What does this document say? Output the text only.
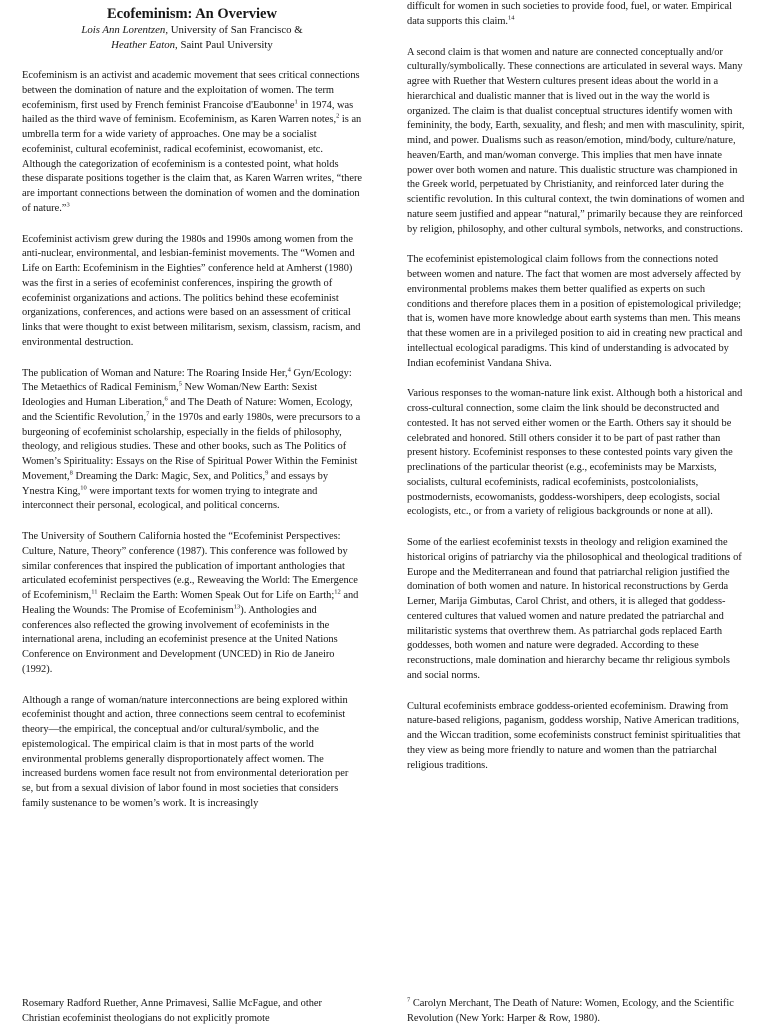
Ecofeminism: An Overview
Lois Ann Lorentzen, University of San Francisco &
Heather Eaton, Saint Paul University

Ecofeminism is an activist and academic movement that sees critical connections between the domination of nature and the exploitation of women. The term ecofeminism, first used by French feminist Francoise d'Eaubonne$^1$ in 1974, was hailed as the third wave of feminism. Ecofeminism, as Karen Warren notes,$^2$ is an umbrella term for a wide variety of approaches. One may be a socialist ecofeminist, cultural ecofeminist, radical ecofeminist, ecowomanist, etc. Although the categorization of ecofeminism is a contested point, what holds these disparate positions together is the claim that, as Karen Warren writes, “there are important connections between the domination of women and the domination of nature.”$^3$

Ecofeminist activism grew during the 1980s and 1990s among women from the anti-nuclear, environmental, and lesbian-feminist movements. The “Women and Life on Earth: Ecofeminism in the Eighties” conference held at Amherst (1980) was the first in a series of ecofeminist conferences, inspiring the growth of ecofeminist organizations and actions. The politics behind these ecofeminist organizations, conferences, and actions were based on an assessment of critical links that were thought to exist between militarism, sexism, classism, racism, and environmental destruction.

The publication of Woman and Nature: The Roaring Inside Her,$^4$ Gyn/Ecology: The Metaethics of Radical Feminism,$^5$ New Woman/New Earth: Sexist Ideologies and Human Liberation,$^6$ and The Death of Nature: Women, Ecology, and the Scientific Revolution,$^7$ in the 1970s and early 1980s, were precursors to a burgeoning of ecofeminist scholarship, especially in the fields of philosophy, theology, and religious studies. These and other books, such as The Politics of Women’s Spirituality: Essays on the Rise of Spiritual Power Within the Feminist Movement,$^8$ Dreaming the Dark: Magic, Sex, and Politics,$^9$ and essays by Ynestra King,$^{10}$ were important texts for women trying to integrate and interconnect their personal, ecological, and political concerns.

The University of Southern California hosted the “Ecofeminist Perspectives: Culture, Nature, Theory” conference (1987). This conference was followed by similar conferences that inspired the publication of important anthologies that articulated ecofeminist perspectives (e.g., Reweaving the World: The Emergence of Ecofeminism,$^{11}$ Reclaim the Earth: Women Speak Out for Life on Earth;$^{12}$ and Healing the Wounds: The Promise of Ecofeminism$^{13}$). Anthologies and conferences also reflected the growing involvement of ecofeminists in the international arena, including an ecofeminist presence at the United Nations Conference on Environment and Development (UNCED) in Rio de Janeiro (1992).

Although a range of woman/nature interconnections are being explored within ecofeminist thought and action, three connections seem central to ecofeminist theory—the empirical, the conceptual and/or cultural/symbolic, and the epistemological. The empirical claim is that in most parts of the world environmental problems generally disproportionately affect women. The increased burdens women face result not from environmental deterioration per se, but from a sexual division of labor found in most societies that considers family sustenance to be women’s work. It is increasingly

difficult for women in such societies to provide food, fuel, or water. Empirical data supports this claim.$^{14}$

A second claim is that women and nature are connected conceptually and/or culturally/symbolically. These connections are articulated in several ways. Many agree with Ruether that Western cultures present ideas about the world in a hierarchical and dualistic manner that is lived out in the way the world is organized. The claim is that dualist conceptual structures identify women with femininity, the body, Earth, sexuality, and flesh; and men with masculinity, spirit, mind, and power. Dualisms such as reason/emotion, mind/body, culture/nature, heaven/Earth, and man/woman converge. This implies that men have innate power over both women and nature. This dualistic structure was championed in the Greek world, perpetuated by Christianity, and reinforced later during the scientific revolution. In this cultural context, the twin dominations of women and nature seem justified and appear “natural,” primarily because they are reinforced by religion, philosophy, and other cultural symbols, networks, and constructions.

The ecofeminist epistemological claim follows from the connections noted between women and nature. The fact that women are most adversely affected by environmental problems makes them better qualified as experts on such conditions and therefore places them in a position of epistemological priviledge; that is, women have more knowledge about earth systems than men. This means that these women are in a privileged position to aid in creating new practical and intellectual ecological paradigms. This kind of understanding is advocated by Indian ecofeminist Vandana Shiva.

Various responses to the woman-nature link exist. Although both a historical and cross-cultural connection, some claim the link should be deconstructed and contested. It has not served either women or the Earth. Others say it should be celebrated and honored. Still others consider it to be part of past rather than present history. Ecofeminist responses to these contested points vary given the preclinations of the particular theorist (e.g., ecofeminists may be Marxists, socialists, cultural ecofeminists, radical ecofeminists, postcolonialists, postmodernists, ecowomanists, goddess-worshipers, deep ecologists, social ecologists, etc., or from a variety of religious backgrounds or none at all).

Some of the earliest ecofeminist texsts in theology and religion examined the historical origins of patriarchy via the philosophical and theological traditions of Europe and the Mediterranean and found that patriarchal religion justified the domination of both women and nature. In historical reconstructions by Gerda Lerner, Marija Gimbutas, Carol Christ, and others, it is alleged that goddess-centered cultures that valued women and nature predated the patriarchal and militaristic systems that overthrew them. As patriarchal gods replaced Earth goddesses, both women and nature were degraded. According to these reconstructions, male domination and hierarchy became thr religious symbols and social norms.

Cultural ecofeminists embrace goddess-oriented ecofeminism. Drawing from nature-based religions, paganism, goddess worship, Native American traditions, and the Wiccan tradition, some ecofeminists construct feminist spiritualities that they view as being more friendly to nature and women than the patriarchal religious traditions.

Rosemary Radford Ruether, Anne Primavesi, Sallie McFague, and other Christian ecofeminist theologians do not explicitly promote
$^7$ Carolyn Merchant, The Death of Nature: Women, Ecology, and the Scientific Revolution (New York: Harper & Row, 1980).
